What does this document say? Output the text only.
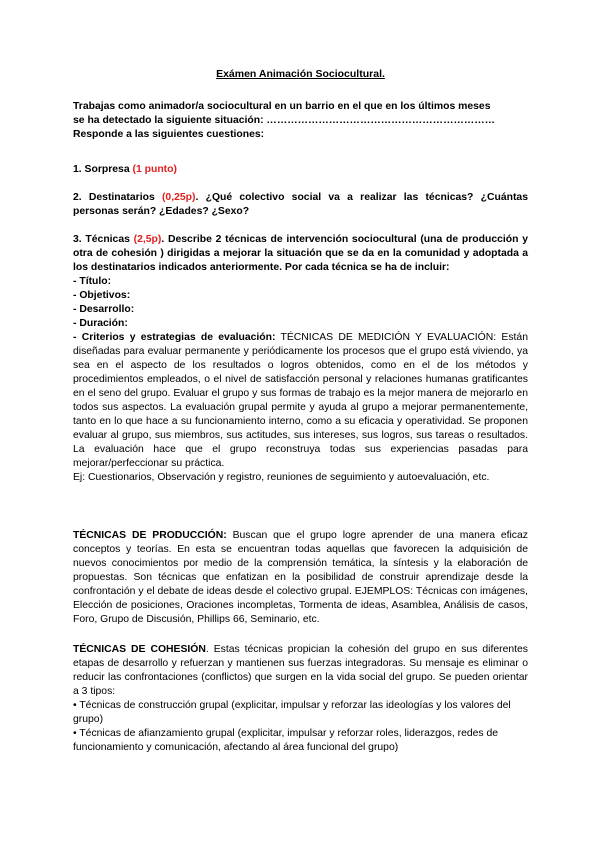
Exámen Animación Sociocultural.

Trabajas como animador/a sociocultural en un barrio en el que en los últimos meses

se ha detectado la siguiente situación: …………………………………………………………

Responde a las siguientes cuestiones:

1. Sorpresa (1 punto)

2. Destinatarios (0,25p). ¿Qué colectivo social va a realizar las técnicas? ¿Cuántas personas serán? ¿Edades? ¿Sexo?

3. Técnicas (2,5p). Describe 2 técnicas de intervención sociocultural (una de producción y otra de cohesión ) dirigidas a mejorar la situación que se da en la comunidad y adoptada a los destinatarios indicados anteriormente. Por cada técnica se ha de incluir:

- Título:

- Objetivos:

- Desarrollo:

- Duración:

- Criterios y estrategias de evaluación: TÉCNICAS DE MEDICIÓN Y EVALUACIÓN: Están diseñadas para evaluar permanente y periódicamente los procesos que el grupo está viviendo, ya sea en el aspecto de los resultados o logros obtenidos, como en el de los métodos y procedimientos empleados, o el nivel de satisfacción personal y relaciones humanas gratificantes en el seno del grupo. Evaluar el grupo y sus formas de trabajo es la mejor manera de mejorarlo en todos sus aspectos. La evaluación grupal permite y ayuda al grupo a mejorar permanentemente, tanto en lo que hace a su funcionamiento interno, como a su eficacia y operatividad. Se proponen evaluar al grupo, sus miembros, sus actitudes, sus intereses, sus logros, sus tareas o resultados. La evaluación hace que el grupo reconstruya todas sus experiencias pasadas para mejorar/perfeccionar su práctica.

Ej: Cuestionarios, Observación y registro, reuniones de seguimiento y autoevaluación, etc.

TÉCNICAS DE PRODUCCIÓN: Buscan que el grupo logre aprender de una manera eficaz conceptos y teorías. En esta se encuentran todas aquellas que favorecen la adquisición de nuevos conocimientos por medio de la comprensión temática, la síntesis y la elaboración de propuestas. Son técnicas que enfatizan en la posibilidad de construir aprendizaje desde la confrontación y el debate de ideas desde el colectivo grupal. EJEMPLOS: Técnicas con imágenes, Elección de posiciones, Oraciones incompletas, Tormenta de ideas, Asamblea, Análisis de casos, Foro, Grupo de Discusión, Phillips 66, Seminario, etc.

TÉCNICAS DE COHESIÓN. Estas técnicas propician la cohesión del grupo en sus diferentes etapas de desarrollo y refuerzan y mantienen sus fuerzas integradoras. Su mensaje es eliminar o reducir las confrontaciones (conflictos) que surgen en la vida social del grupo. Se pueden orientar a 3 tipos:

• Técnicas de construcción grupal (explicitar, impulsar y reforzar las ideologías y los valores del grupo)

• Técnicas de afianzamiento grupal (explicitar, impulsar y reforzar roles, liderazgos, redes de funcionamiento y comunicación, afectando al área funcional del grupo)
